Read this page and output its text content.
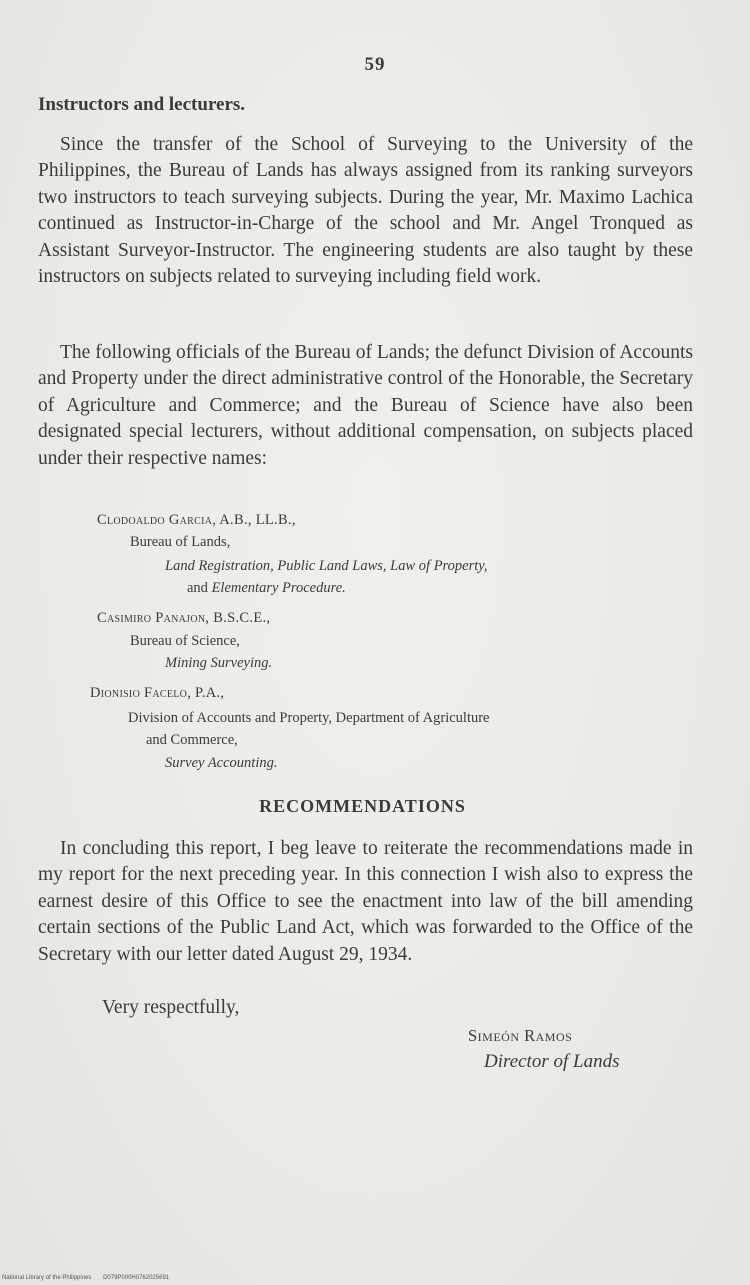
59
Instructors and lecturers.
Since the transfer of the School of Surveying to the University of the Philippines, the Bureau of Lands has always assigned from its ranking surveyors two instructors to teach surveying subjects. During the year, Mr. Maximo Lachica continued as Instructor-in-Charge of the school and Mr. Angel Tronqued as Assistant Surveyor-Instructor. The engineering students are also taught by these instructors on subjects related to surveying including field work.
The following officials of the Bureau of Lands; the defunct Division of Accounts and Property under the direct administrative control of the Honorable, the Secretary of Agriculture and Commerce; and the Bureau of Science have also been designated special lecturers, without additional compensation, on subjects placed under their respective names:
Clodoaldo Garcia, A.B., LL.B.,
Bureau of Lands,
Land Registration, Public Land Laws, Law of Property,
and Elementary Procedure.
Casimiro Panajon, B.S.C.E.,
Bureau of Science,
Mining Surveying.
Dionisio Facelo, P.A.,
Division of Accounts and Property, Department of Agriculture
and Commerce,
Survey Accounting.
RECOMMENDATIONS
In concluding this report, I beg leave to reiterate the recommendations made in my report for the next preceding year. In this connection I wish also to express the earnest desire of this Office to see the enactment into law of the bill amending certain sections of the Public Land Act, which was forwarded to the Office of the Secretary with our letter dated August 29, 1934.
Very respectfully,
Simeón Ramos
Director of Lands
National Library of the Philippines D079P000H0762025691
